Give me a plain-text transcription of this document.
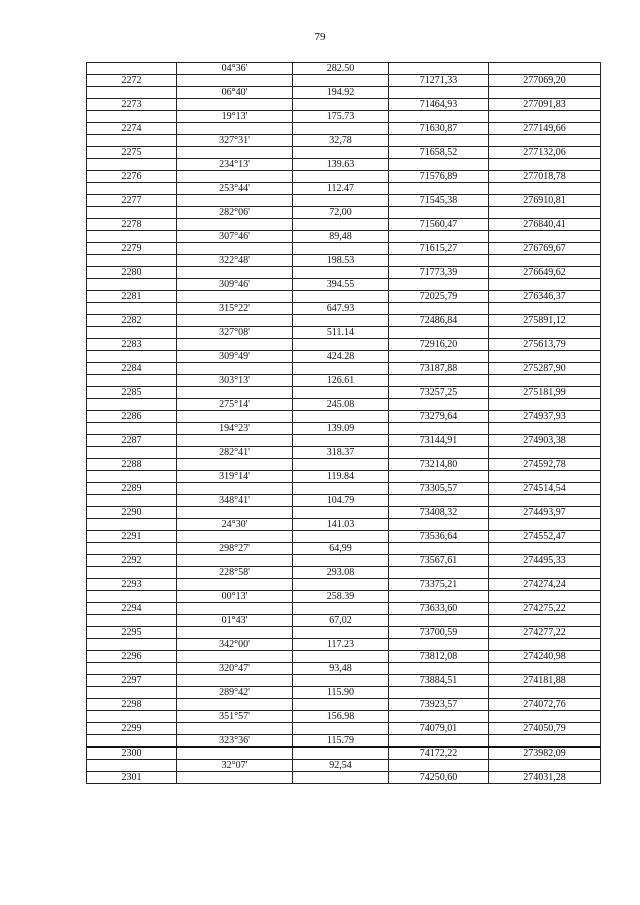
79
	04°36'	282.50		
2272			71271,33	277069,20
	06°40'	194.92		
2273			71464,93	277091,83
	19°13'	175.73		
2274			71630,87	277149,66
	327°31'	32,78		
2275			71658,52	277132,06
	234°13'	139.63		
2276			71576,89	277018,78
	253°44'	112.47		
2277			71545,38	276910,81
	282°06'	72,00		
2278			71560,47	276840,41
	307°46'	89,48		
2279			71615,27	276769,67
	322°48'	198.53		
2280			71773,39	276649,62
	309°46'	394.55		
2281			72025,79	276346,37
	315°22'	647.93		
2282			72486,84	275891,12
	327°08'	511.14		
2283			72916,20	275613,79
	309°49'	424.28		
2284			73187,88	275287,90
	303°13'	126.61		
2285			73257,25	275181,99
	275°14'	245.08		
2286			73279,64	274937,93
	194°23'	139.09		
2287			73144,91	274903,38
	282°41'	318.37		
2288			73214,80	274592,78
	319°14'	119.84		
2289			73305,57	274514,54
	348°41'	104.79		
2290			73408,32	274493,97
	24°30'	141.03		
2291			73536,64	274552,47
	298°27'	64,99		
2292			73567,61	274495,33
	228°58'	293.08		
2293			73375,21	274274,24
	00°13'	258.39		
2294			73633,60	274275,22
	01°43'	67,02		
2295			73700,59	274277,22
	342°00'	117.23		
2296			73812,08	274240,98
	320°47'	93,48		
2297			73884,51	274181,88
	289°42'	115.90		
2298			73923,57	274072,76
	351°57'	156.98		
2299			74079,01	274050,79
	323°36'	115.79		
2300			74172,22	273982,09
	32°07'	92,54		
2301			74250,60	274031,28
